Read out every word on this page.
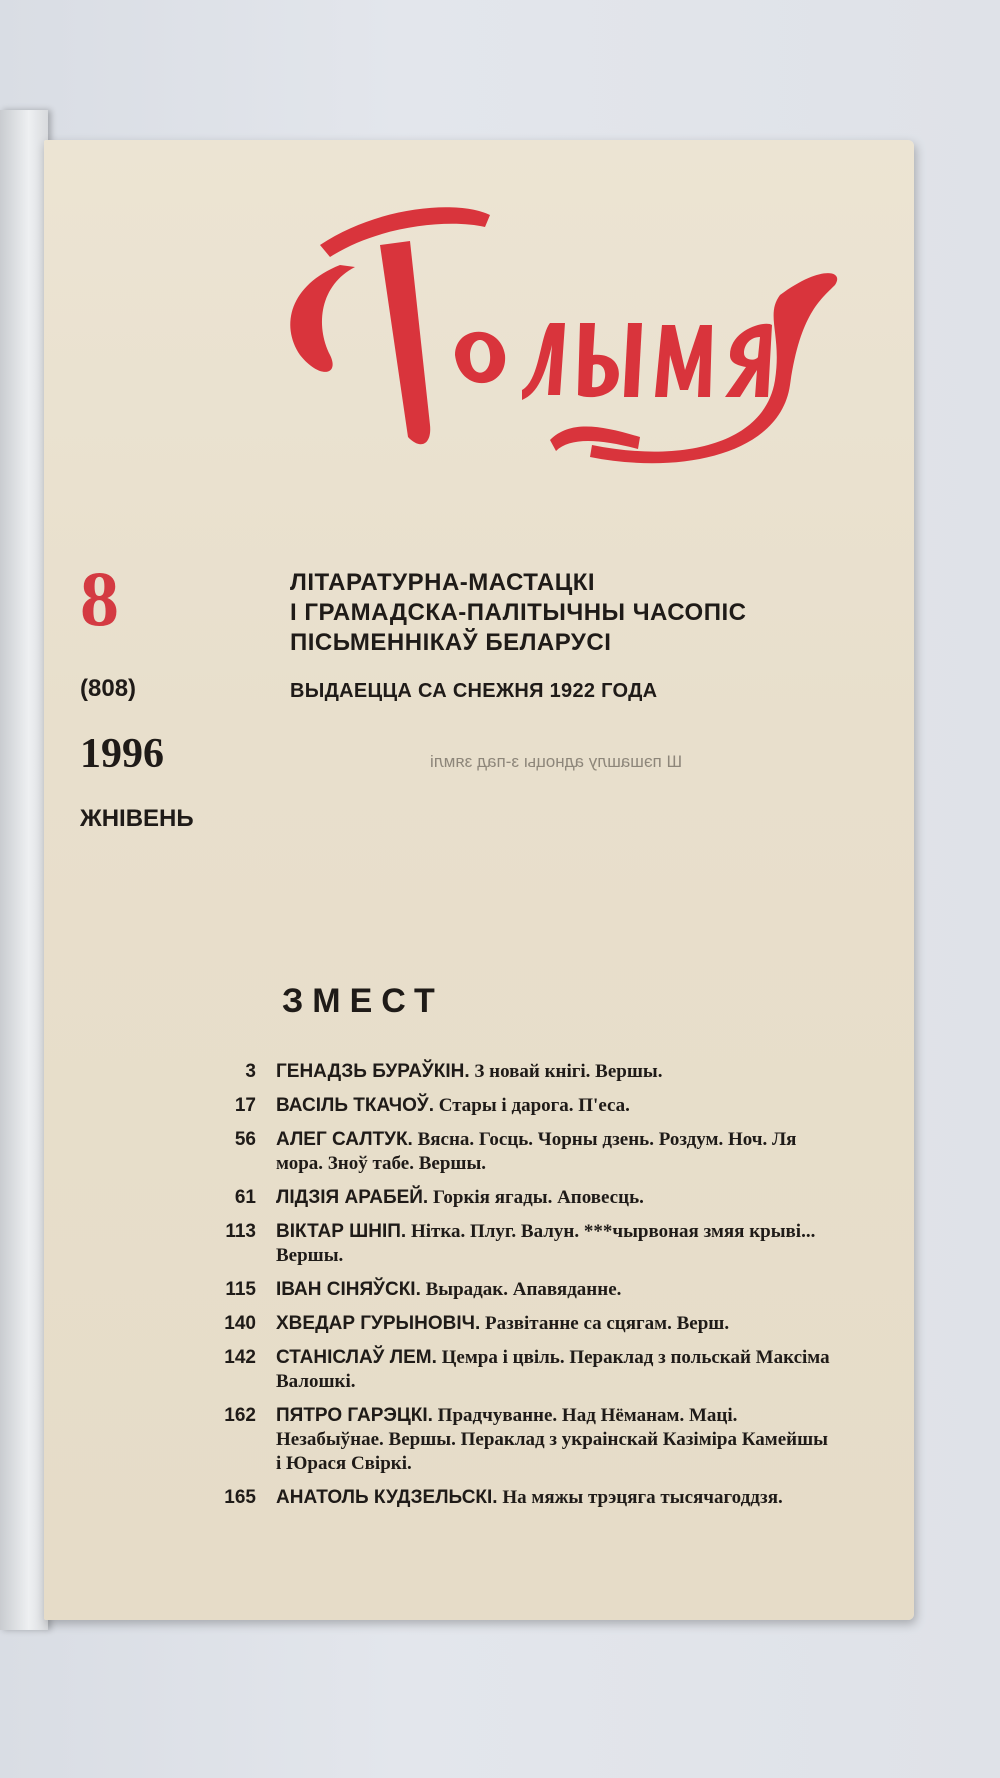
8	ЛІТАРАТУРНА-МАСТАЦКІ
І ГРАМАДСКА-ПАЛІТЫЧНЫ ЧАСОПІС
ПІСЬМЕННІКАЎ БЕЛАРУСІ
(808)	ВЫДАЕЦЦА СА СНЕЖНЯ 1922 ГОДА
1996
ЖНІВЕНЬ
Ш пэшашлу адноцы з-пад зямлі
ЗМЕСТ
3	ГЕНАДЗЬ БУРАЎКІН. З новай кнігі. Вершы.
17	ВАСІЛЬ ТКАЧОЎ. Стары і дарога. П'еса.
56	АЛЕГ САЛТУК. Вясна. Госць. Чорны дзень. Роздум. Ноч. Ля мора. Зноў табе. Вершы.
61	ЛІДЗІЯ АРАБЕЙ. Горкія ягады. Аповесць.
113	ВІКТАР ШНІП. Нітка. Плуг. Валун. ***чырвоная змяя крыві... Вершы.
115	ІВАН СІНЯЎСКІ. Вырадак. Апавяданне.
140	ХВЕДАР ГУРЫНОВІЧ. Развітанне са сцягам. Верш.
142	СТАНІСЛАЎ ЛЕМ. Цемра і цвіль. Пераклад з польскай Максіма Валошкі.
162	ПЯТРО ГАРЭЦКІ. Прадчуванне. Над Нёманам. Маці. Незабыўнае. Вершы. Пераклад з украінскай Казіміра Камейшы і Юрася Свіркі.
165	АНАТОЛЬ КУДЗЕЛЬСКІ. На мяжы трэцяга тысячагоддзя.
